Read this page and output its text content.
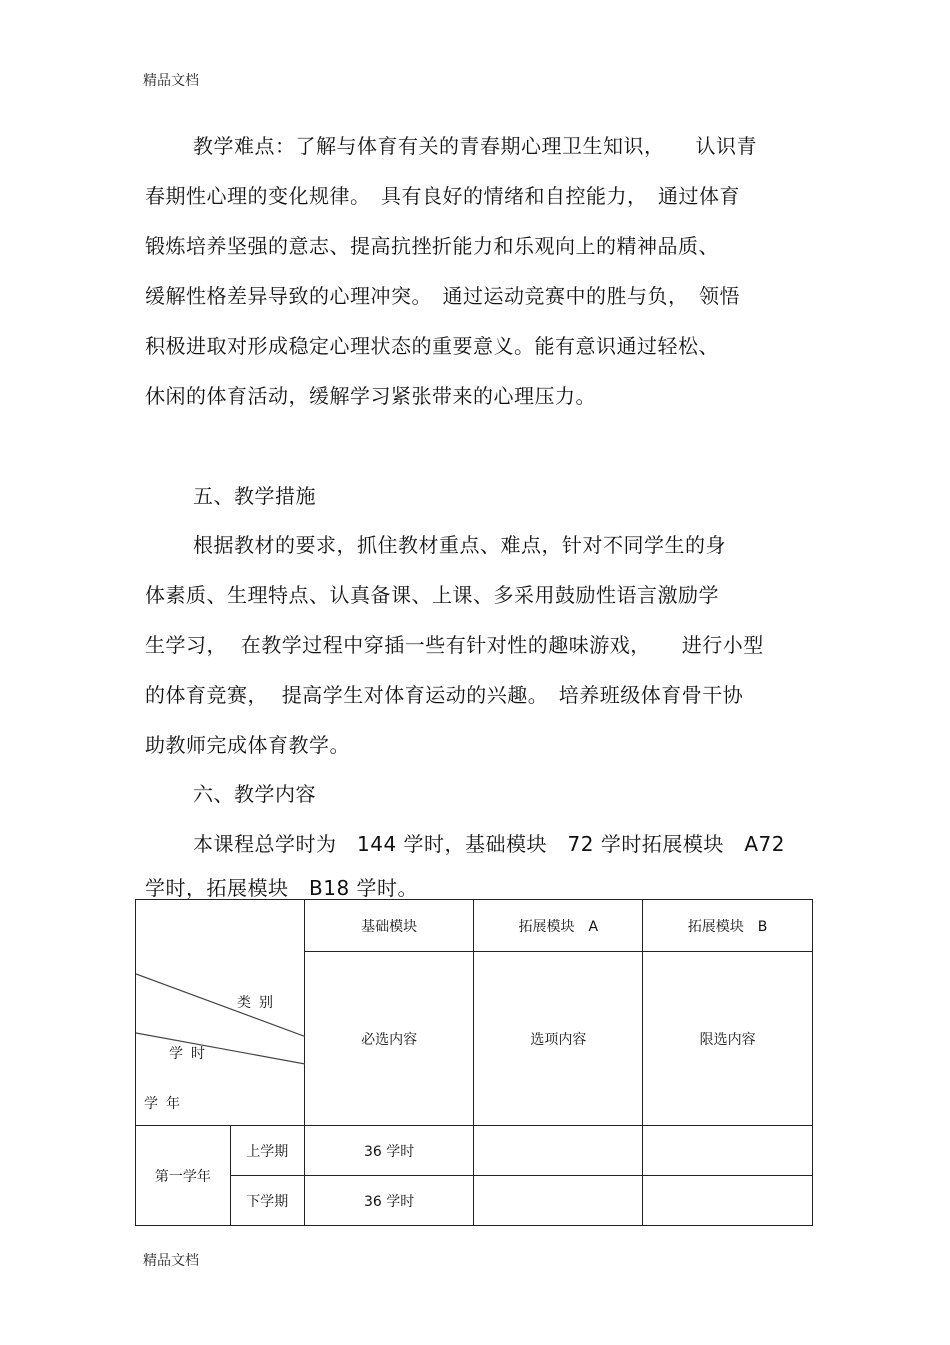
精品文档
教学难点：了解与体育有关的青春期心理卫生知识，　　认识青
春期性心理的变化规律。　具有良好的情绪和自控能力，　通过体育
锻炼培养坚强的意志、提高抗挫折能力和乐观向上的精神品质、
缓解性格差异导致的心理冲突。　通过运动竞赛中的胜与负，　领悟
积极进取对形成稳定心理状态的重要意义。能有意识通过轻松、
休闲的体育活动，缓解学习紧张带来的心理压力。
五、教学措施
根据教材的要求，抓住教材重点、难点，针对不同学生的身
体素质、生理特点、认真备课、上课、多采用鼓励性语言激励学
生学习，  在教学过程中穿插一些有针对性的趣味游戏，　　进行小型
的体育竞赛，  提高学生对体育运动的兴趣。　培养班级体育骨干协
助教师完成体育教学。
六、教学内容
本课程总学时为　144 学时，基础模块　72 学时拓展模块　A72
学时，拓展模块　B18 学时。
类别
学时
学年		基础模块	拓展模块　A	拓展模块　B
		必选内容	选项内容	限选内容
第一学年	上学期	36 学时		
	下学期	36 学时		
精品文档
